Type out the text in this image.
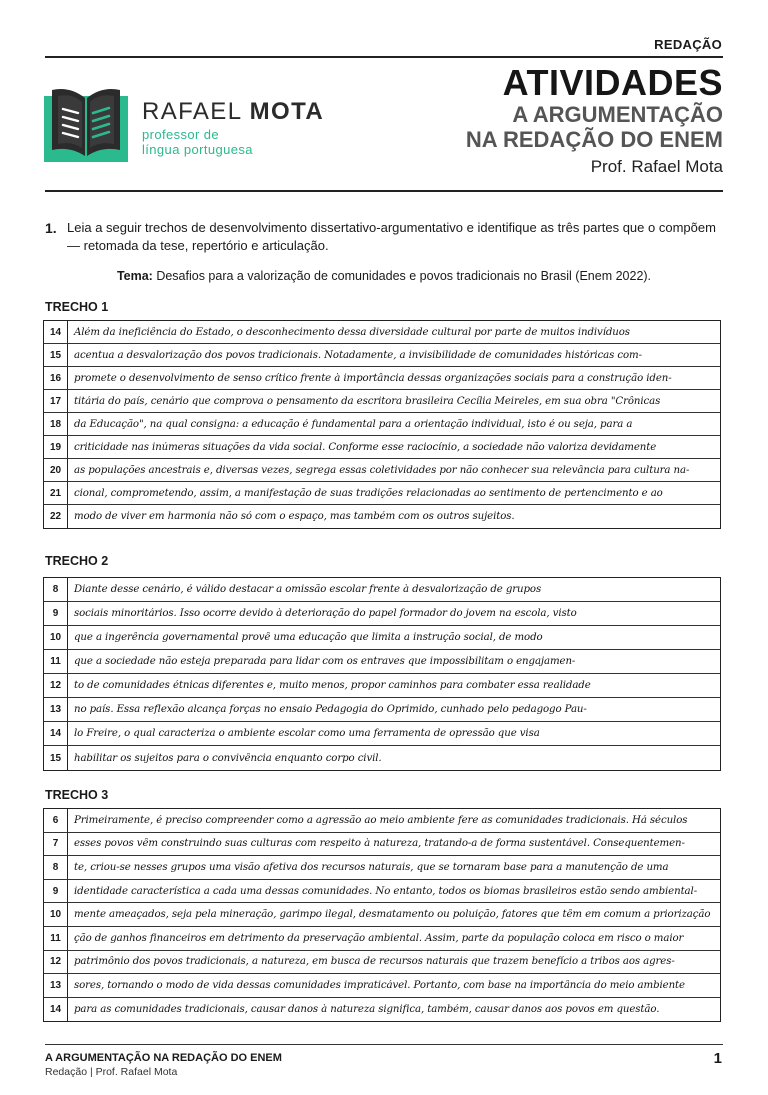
REDAÇÃO
RAFAEL MOTA
professor de
língua portuguesa
ATIVIDADES
A ARGUMENTAÇÃO
NA REDAÇÃO DO ENEM
Prof. Rafael Mota
1. Leia a seguir trechos de desenvolvimento dissertativo-argumentativo e identifique as três partes que o compõem — retomada da tese, repertório e articulação.
Tema: Desafios para a valorização de comunidades e povos tradicionais no Brasil (Enem 2022).
TRECHO 1
14	Além da ineficiência do Estado, o desconhecimento dessa diversidade cultural por parte de muitos indivíduos
15	acentua a desvalorização dos povos tradicionais. Notadamente, a invisibilidade de comunidades históricas com-
16	promete o desenvolvimento de senso crítico frente à importância dessas organizações sociais para a construção iden-
17	titária do país, cenário que comprova o pensamento da escritora brasileira Cecília Meireles, em sua obra "Crônicas
18	da Educação", na qual consigna: a educação é fundamental para a orientação individual, isto é ou seja, para a
19	criticidade nas inúmeras situações da vida social. Conforme esse raciocínio, a sociedade não valoriza devidamente
20	as populações ancestrais e, diversas vezes, segrega essas coletividades por não conhecer sua relevância para cultura na-
21	cional, comprometendo, assim, a manifestação de suas tradições relacionadas ao sentimento de pertencimento e ao
22	modo de viver em harmonia não só com o espaço, mas também com os outros sujeitos.
TRECHO 2
8	Diante desse cenário, é válido destacar a omissão escolar frente à desvalorização de grupos
9	sociais minoritários. Isso ocorre devido à deterioração do papel formador do jovem na escola, visto
10	que a ingerência governamental provê uma educação que limita a instrução social, de modo
11	que a sociedade não esteja preparada para lidar com os entraves que impossibilitam o engajamen-
12	to de comunidades étnicas diferentes e, muito menos, propor caminhos para combater essa realidade
13	no país. Essa reflexão alcança forças no ensaio Pedagogia do Oprimido, cunhado pelo pedagogo Pau-
14	lo Freire, o qual caracteriza o ambiente escolar como uma ferramenta de opressão que visa
15	habilitar os sujeitos para o convivência enquanto corpo civil.
TRECHO 3
6	Primeiramente, é preciso compreender como a agressão ao meio ambiente fere as comunidades tradicionais. Há séculos
7	esses povos vêm construindo suas culturas com respeito à natureza, tratando-a de forma sustentável. Consequentemen-
8	te, criou-se nesses grupos uma visão afetiva dos recursos naturais, que se tornaram base para a manutenção de uma
9	identidade característica a cada uma dessas comunidades. No entanto, todos os biomas brasileiros estão sendo ambiental-
10	mente ameaçados, seja pela mineração, garimpo ilegal, desmatamento ou poluição, fatores que têm em comum a priorização
11	ção de ganhos financeiros em detrimento da preservação ambiental. Assim, parte da população coloca em risco o maior
12	patrimônio dos povos tradicionais, a natureza, em busca de recursos naturais que trazem benefício a tribos aos agres-
13	sores, tornando o modo de vida dessas comunidades impraticável. Portanto, com base na importância do meio ambiente
14	para as comunidades tradicionais, causar danos à natureza significa, também, causar danos aos povos em questão.
A ARGUMENTAÇÃO NA REDAÇÃO DO ENEM
Redação | Prof. Rafael Mota
1
